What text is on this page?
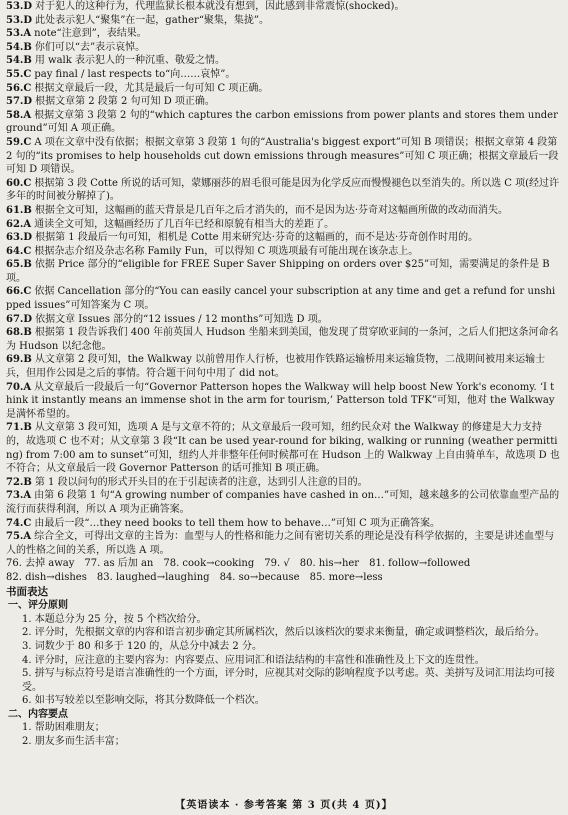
53.D 对于犯人的这种行为，代理监狱长根本就没有想到，因此感到非常震惊(shocked)。

53.D 此处表示犯人“聚集”在一起，gather“聚集，集拢”。

53.A note“注意到”，表结果。

54.B 你们可以“去”表示哀悼。

54.B 用 walk 表示犯人的一种沉重、敬爱之情。

55.C pay final / last respects to“向……哀悼”。

56.C 根据文章最后一段，尤其是最后一句可知 C 项正确。

57.D 根据文章第 2 段第 2 句可知 D 项正确。

58.A 根据文章第 3 段第 2 句的“which captures the carbon emissions from power plants and stores them underground”可知 A 项正确。

59.C A 项在文章中没有依据；根据文章第 3 段第 1 句的“Australia's biggest export”可知 B 项错误；根据文章第 4 段第 2 句的“its promises to help households cut down emissions through measures”可知 C 项正确；根据文章最后一段可知 D 项错误。

60.C 根据第 3 段 Cotte 所说的话可知，蒙娜丽莎的眉毛很可能是因为化学反应而慢慢褪色以至消失的。所以选 C 项(经过许多年的时间被分解掉了)。

61.B 根据全文可知，这幅画的蓝天背景是几百年之后才消失的，而不是因为达·芬奇对这幅画所做的改动而消失。

62.A 通读全文可知，这幅画经历了几百年已经和原貌有相当大的差距了。

63.D 根据第 1 段最后一句可知，相机是 Cotte 用来研究达·芬奇的这幅画的，而不是达·芬奇创作时用的。

64.C 根据杂志介绍及杂志名称 Family Fun，可以得知 C 项选项最有可能出现在该杂志上。

65.B 依据 Price 部分的“eligible for FREE Super Saver Shipping on orders over $25”可知，需要满足的条件是 B 项。

66.C 依据 Cancellation 部分的“You can easily cancel your subscription at any time and get a refund for unshipped issues”可知答案为 C 项。

67.D 依据文章 Issues 部分的“12 issues / 12 months”可知选 D 项。

68.B 根据第 1 段告诉我们 400 年前英国人 Hudson 坐船来到美国，他发现了贯穿欧亚间的一条河，之后人们把这条河命名为 Hudson 以纪念他。

69.B 从文章第 2 段可知，the Walkway 以前曾用作人行桥，也被用作铁路运输桥用来运输货物，二战期间被用来运输士兵，但用作公园是之后的事情。符合题干问句中用了 did not。

70.A 从文章最后一段最后一句“Governor Patterson hopes the Walkway will help boost New York's economy. ‘I think it instantly means an immense shot in the arm for tourism,’ Patterson told TFK”可知，他对 the Walkway 是满怀希望的。

71.B 从文章第 3 段可知，选项 A 是与文章不符的；从文章最后一段可知，纽约民众对 the Walkway 的修建是大力支持的，故选项 C 也不对；从文章第 3 段“It can be used year-round for biking, walking or running (weather permitting) from 7:00 am to sunset”可知，纽约人并非整年任何时候都可在 Hudson 上的 Walkway 上自由骑单车，故选项 D 也不符合；从文章最后一段 Governor Patterson 的话可推知 B 项正确。

72.B 第 1 段以问句的形式开头目的在于引起读者的注意，达到引人注意的目的。

73.A 由第 6 段第 1 句“A growing number of companies have cashed in on…”可知，越来越多的公司依靠血型产品的流行而获得利润，所以 A 项为正确答案。

74.C 由最后一段“…they need books to tell them how to behave…”可知 C 项为正确答案。

75.A 综合全文，可得出文章的主旨为：血型与人的性格和能力之间有密切关系的理论是没有科学依据的，主要是讲述血型与人的性格之间的关系，所以选 A 项。

76. 去掉 away 77. as 后加 an 78. cook→cooking 79. √ 80. his→her 81. follow→followed

82. dish→dishes 83. laughed→laughing 84. so→because 85. more→less

书面表达

一、评分原则

1. 本题总分为 25 分，按 5 个档次给分。

2. 评分时，先根据文章的内容和语言初步确定其所属档次，然后以该档次的要求来衡量，确定或调整档次，最后给分。

3. 词数少于 80 和多于 120 的，从总分中减去 2 分。

4. 评分时，应注意的主要内容为：内容要点、应用词汇和语法结构的丰富性和准确性及上下文的连贯性。

5. 拼写与标点符号是语言准确性的一个方面，评分时，应视其对交际的影响程度予以考虑。英、美拼写及词汇用法均可接受。

6. 如书写较差以至影响交际，将其分数降低一个档次。

二、内容要点

1. 帮助困难朋友；

2. 朋友多而生活丰富；

【英语读本 · 参考答案 第 3 页(共 4 页)】
